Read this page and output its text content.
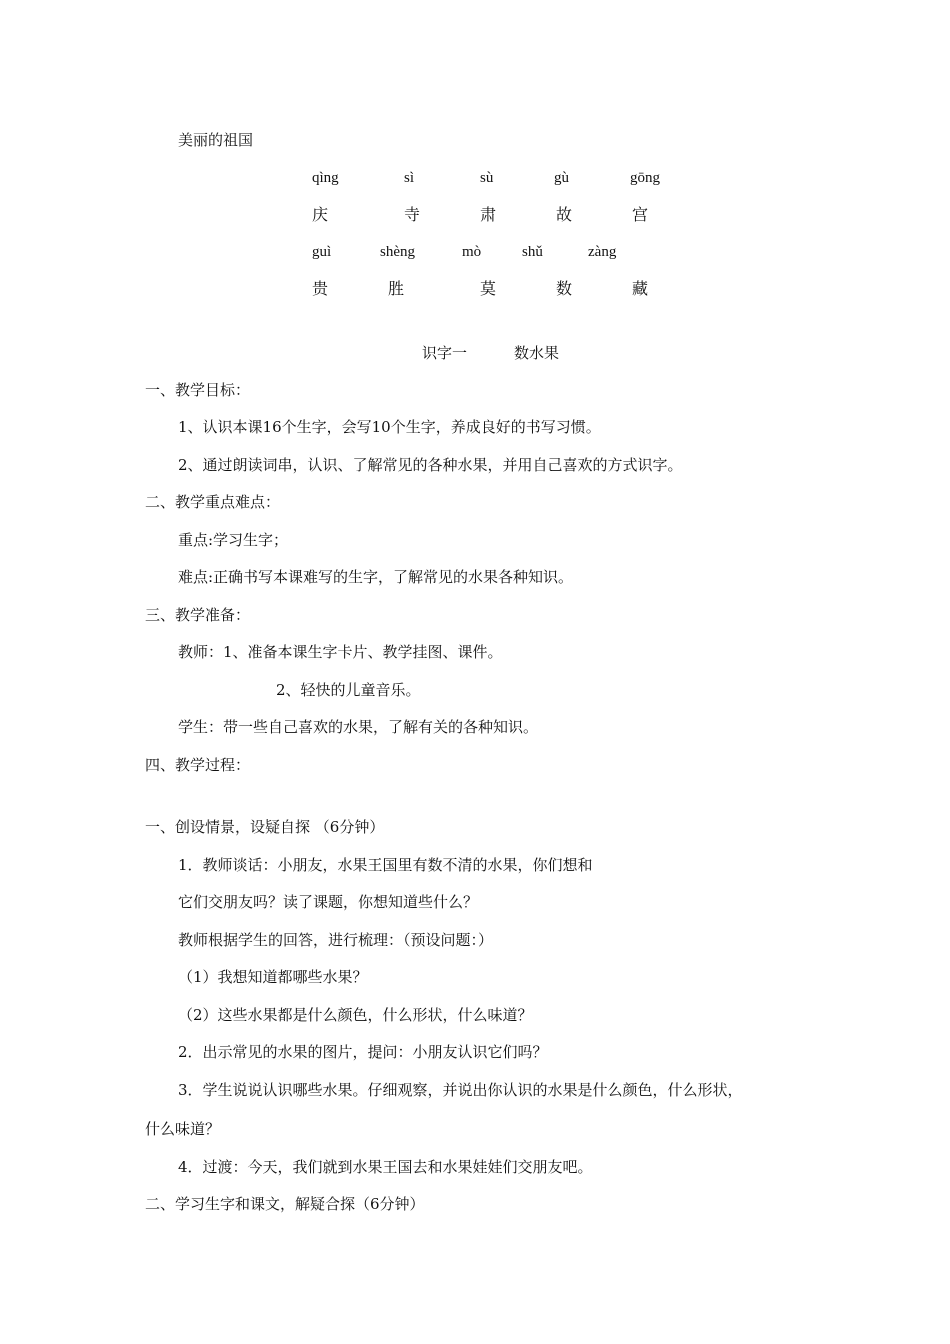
美丽的祖国
qìng	sì	sù	gù	gōng
庆	寺	肃	故	宫
guì	shèng	mò	shǔ	zàng
贵	胜	莫	数	藏
识字一	数水果
一、教学目标：
1、认识本课16个生字，会写10个生字，养成良好的书写习惯。
2、通过朗读词串，认识、了解常见的各种水果，并用自己喜欢的方式识字。
二、教学重点难点：
重点:学习生字；
难点:正确书写本课难写的生字，了解常见的水果各种知识。
三、教学准备：
教师：1、准备本课生字卡片、教学挂图、课件。
2、轻快的儿童音乐。
学生：带一些自己喜欢的水果，了解有关的各种知识。
四、教学过程：
一、创设情景，设疑自探 （6分钟）
1．教师谈话：小朋友，水果王国里有数不清的水果，你们想和
它们交朋友吗？读了课题，你想知道些什么？
教师根据学生的回答，进行梳理：（预设问题：）
（1）我想知道都哪些水果？
（2）这些水果都是什么颜色，什么形状，什么味道？
2．出示常见的水果的图片，提问：小朋友认识它们吗？
3．学生说说认识哪些水果。仔细观察，并说出你认识的水果是什么颜色，什么形状，
什么味道？
4．过渡：今天，我们就到水果王国去和水果娃娃们交朋友吧。
二、学习生字和课文，解疑合探（6分钟）
